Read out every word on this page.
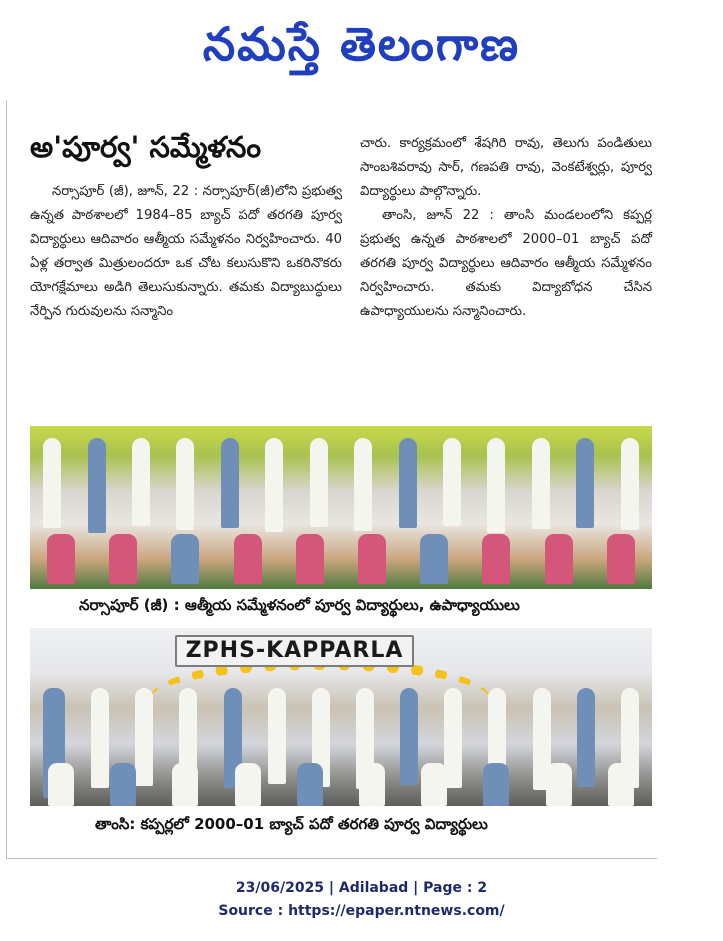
నమస్తే తెలంగాణ
అ'పూర్వ' సమ్మేళనం

నర్సాపూర్ (జీ), జూన్, 22 : నర్సాపూర్(జీ)లోని ప్రభుత్వ ఉన్నత పాఠశాలలో 1984–85 బ్యాచ్ పదో తరగతి పూర్వ విద్యార్థులు ఆదివారం ఆత్మీయ సమ్మేళనం నిర్వహించారు. 40 ఏళ్ల తర్వాత మిత్రులందరూ ఒక చోట కలుసుకొని ఒకరినొకరు యోగక్షేమాలు అడిగి తెలుసుకున్నారు. తమకు విద్యాబుద్ధులు నేర్పిన గురువులను సన్మానిం

చారు. కార్యక్రమంలో శేషగిరి రావు, తెలుగు పండితులు సాంబశివరావు సార్, గణపతి రావు, వెంకటేశ్వర్లు, పూర్వ విద్యార్థులు పాల్గొన్నారు.

తాంసి, జూన్ 22 : తాంసి మండలంలోని కప్పర్ల ప్రభుత్వ ఉన్నత పాఠశాలలో 2000–01 బ్యాచ్ పదో తరగతి పూర్వ విద్యార్థులు ఆదివారం ఆత్మీయ సమ్మేళనం నిర్వహించారు. తమకు విద్యాబోధన చేసిన ఉపాధ్యాయులను సన్మానించారు.

నర్సాపూర్ (జీ) : ఆత్మీయ సమ్మేళనంలో పూర్వ విద్యార్థులు, ఉపాధ్యాయులు
ZPHS-KAPPARLA
తాంసి: కప్పర్లలో 2000–01 బ్యాచ్ పదో తరగతి పూర్వ విద్యార్థులు
23/06/2025 | Adilabad | Page : 2
Source : https://epaper.ntnews.com/
